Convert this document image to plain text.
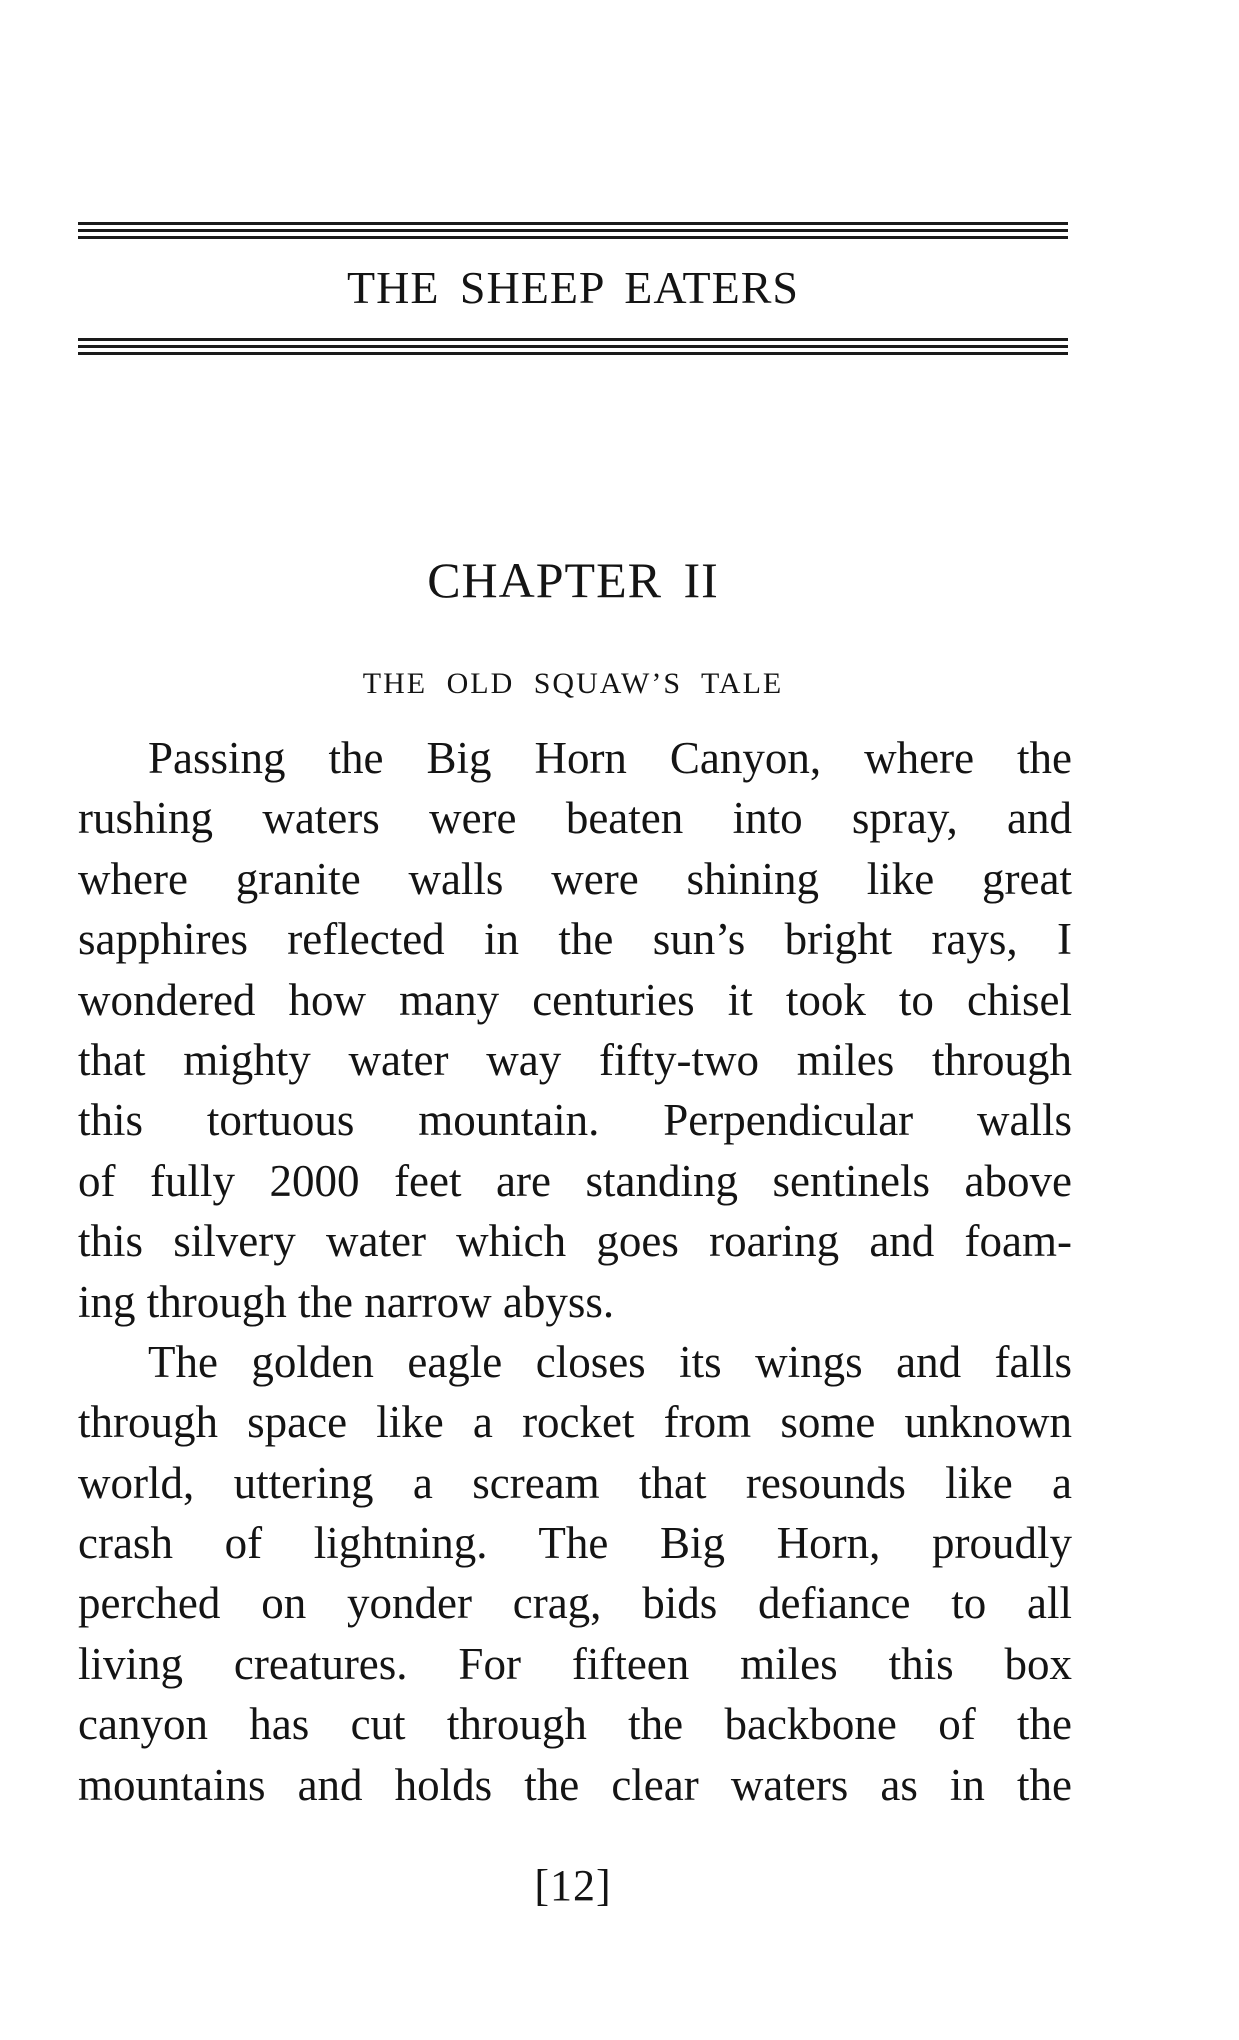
THE SHEEP EATERS
CHAPTER II
THE OLD SQUAW’S TALE
Passing the Big Horn Canyon, where the
rushing waters were beaten into spray, and
where granite walls were shining like great
sapphires reflected in the sun’s bright rays, I
wondered how many centuries it took to chisel
that mighty water way fifty-two miles through
this tortuous mountain. Perpendicular walls
of fully 2000 feet are standing sentinels above
this silvery water which goes roaring and foam-
ing through the narrow abyss.
The golden eagle closes its wings and falls
through space like a rocket from some unknown
world, uttering a scream that resounds like a
crash of lightning. The Big Horn, proudly
perched on yonder crag, bids defiance to all
living creatures. For fifteen miles this box
canyon has cut through the backbone of the
mountains and holds the clear waters as in the
[12]
